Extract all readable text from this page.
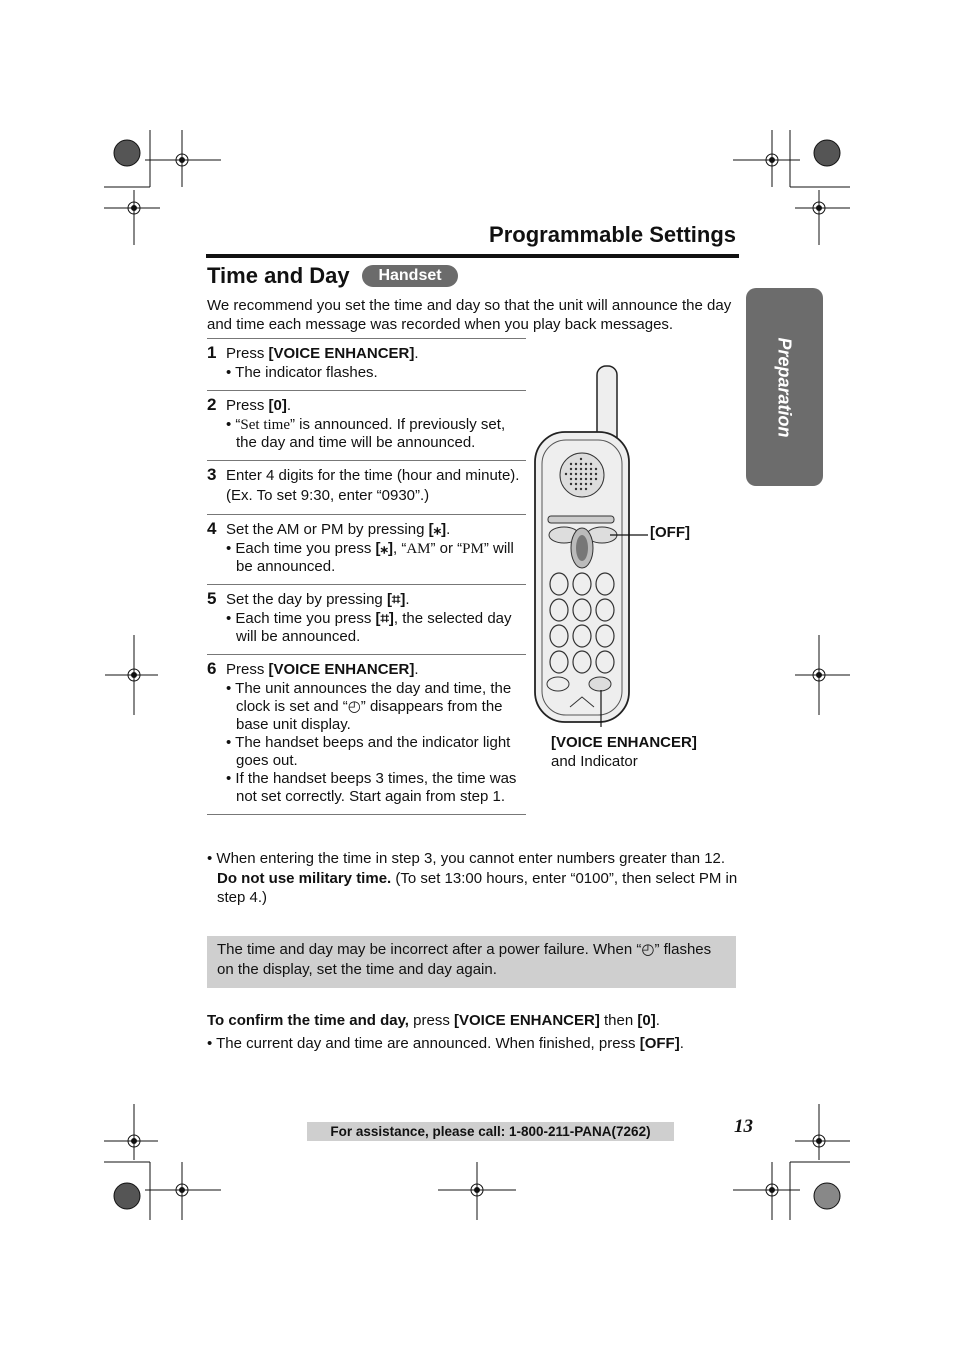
Programmable Settings
Time and Day	Handset
Preparation
We recommend you set the time and day so that the unit will announce the day and time each message was recorded when you play back messages.
1 Press [VOICE ENHANCER].
• The indicator flashes.
2 Press [0].
• “Set time” is announced. If previously set, the day and time will be announced.
3 Enter 4 digits for the time (hour and minute). (Ex. To set 9:30, enter “0930”.)
4 Set the AM or PM by pressing [⁎].
• Each time you press [⁎], “AM” or “PM” will be announced.
5 Set the day by pressing [⌗].
• Each time you press [⌗], the selected day will be announced.
6 Press [VOICE ENHANCER].
• The unit announces the day and time, the clock is set and “◴” disappears from the base unit display.
• The handset beeps and the indicator light goes out.
• If the handset beeps 3 times, the time was not set correctly. Start again from step 1.
[OFF]
[VOICE ENHANCER]
and Indicator
• When entering the time in step 3, you cannot enter numbers greater than 12. Do not use military time. (To set 13:00 hours, enter “0100”, then select PM in step 4.)
The time and day may be incorrect after a power failure. When “◴” flashes on the display, set the time and day again.
To confirm the time and day, press [VOICE ENHANCER] then [0].
• The current day and time are announced. When finished, press [OFF].
For assistance, please call: 1-800-211-PANA(7262)	13
